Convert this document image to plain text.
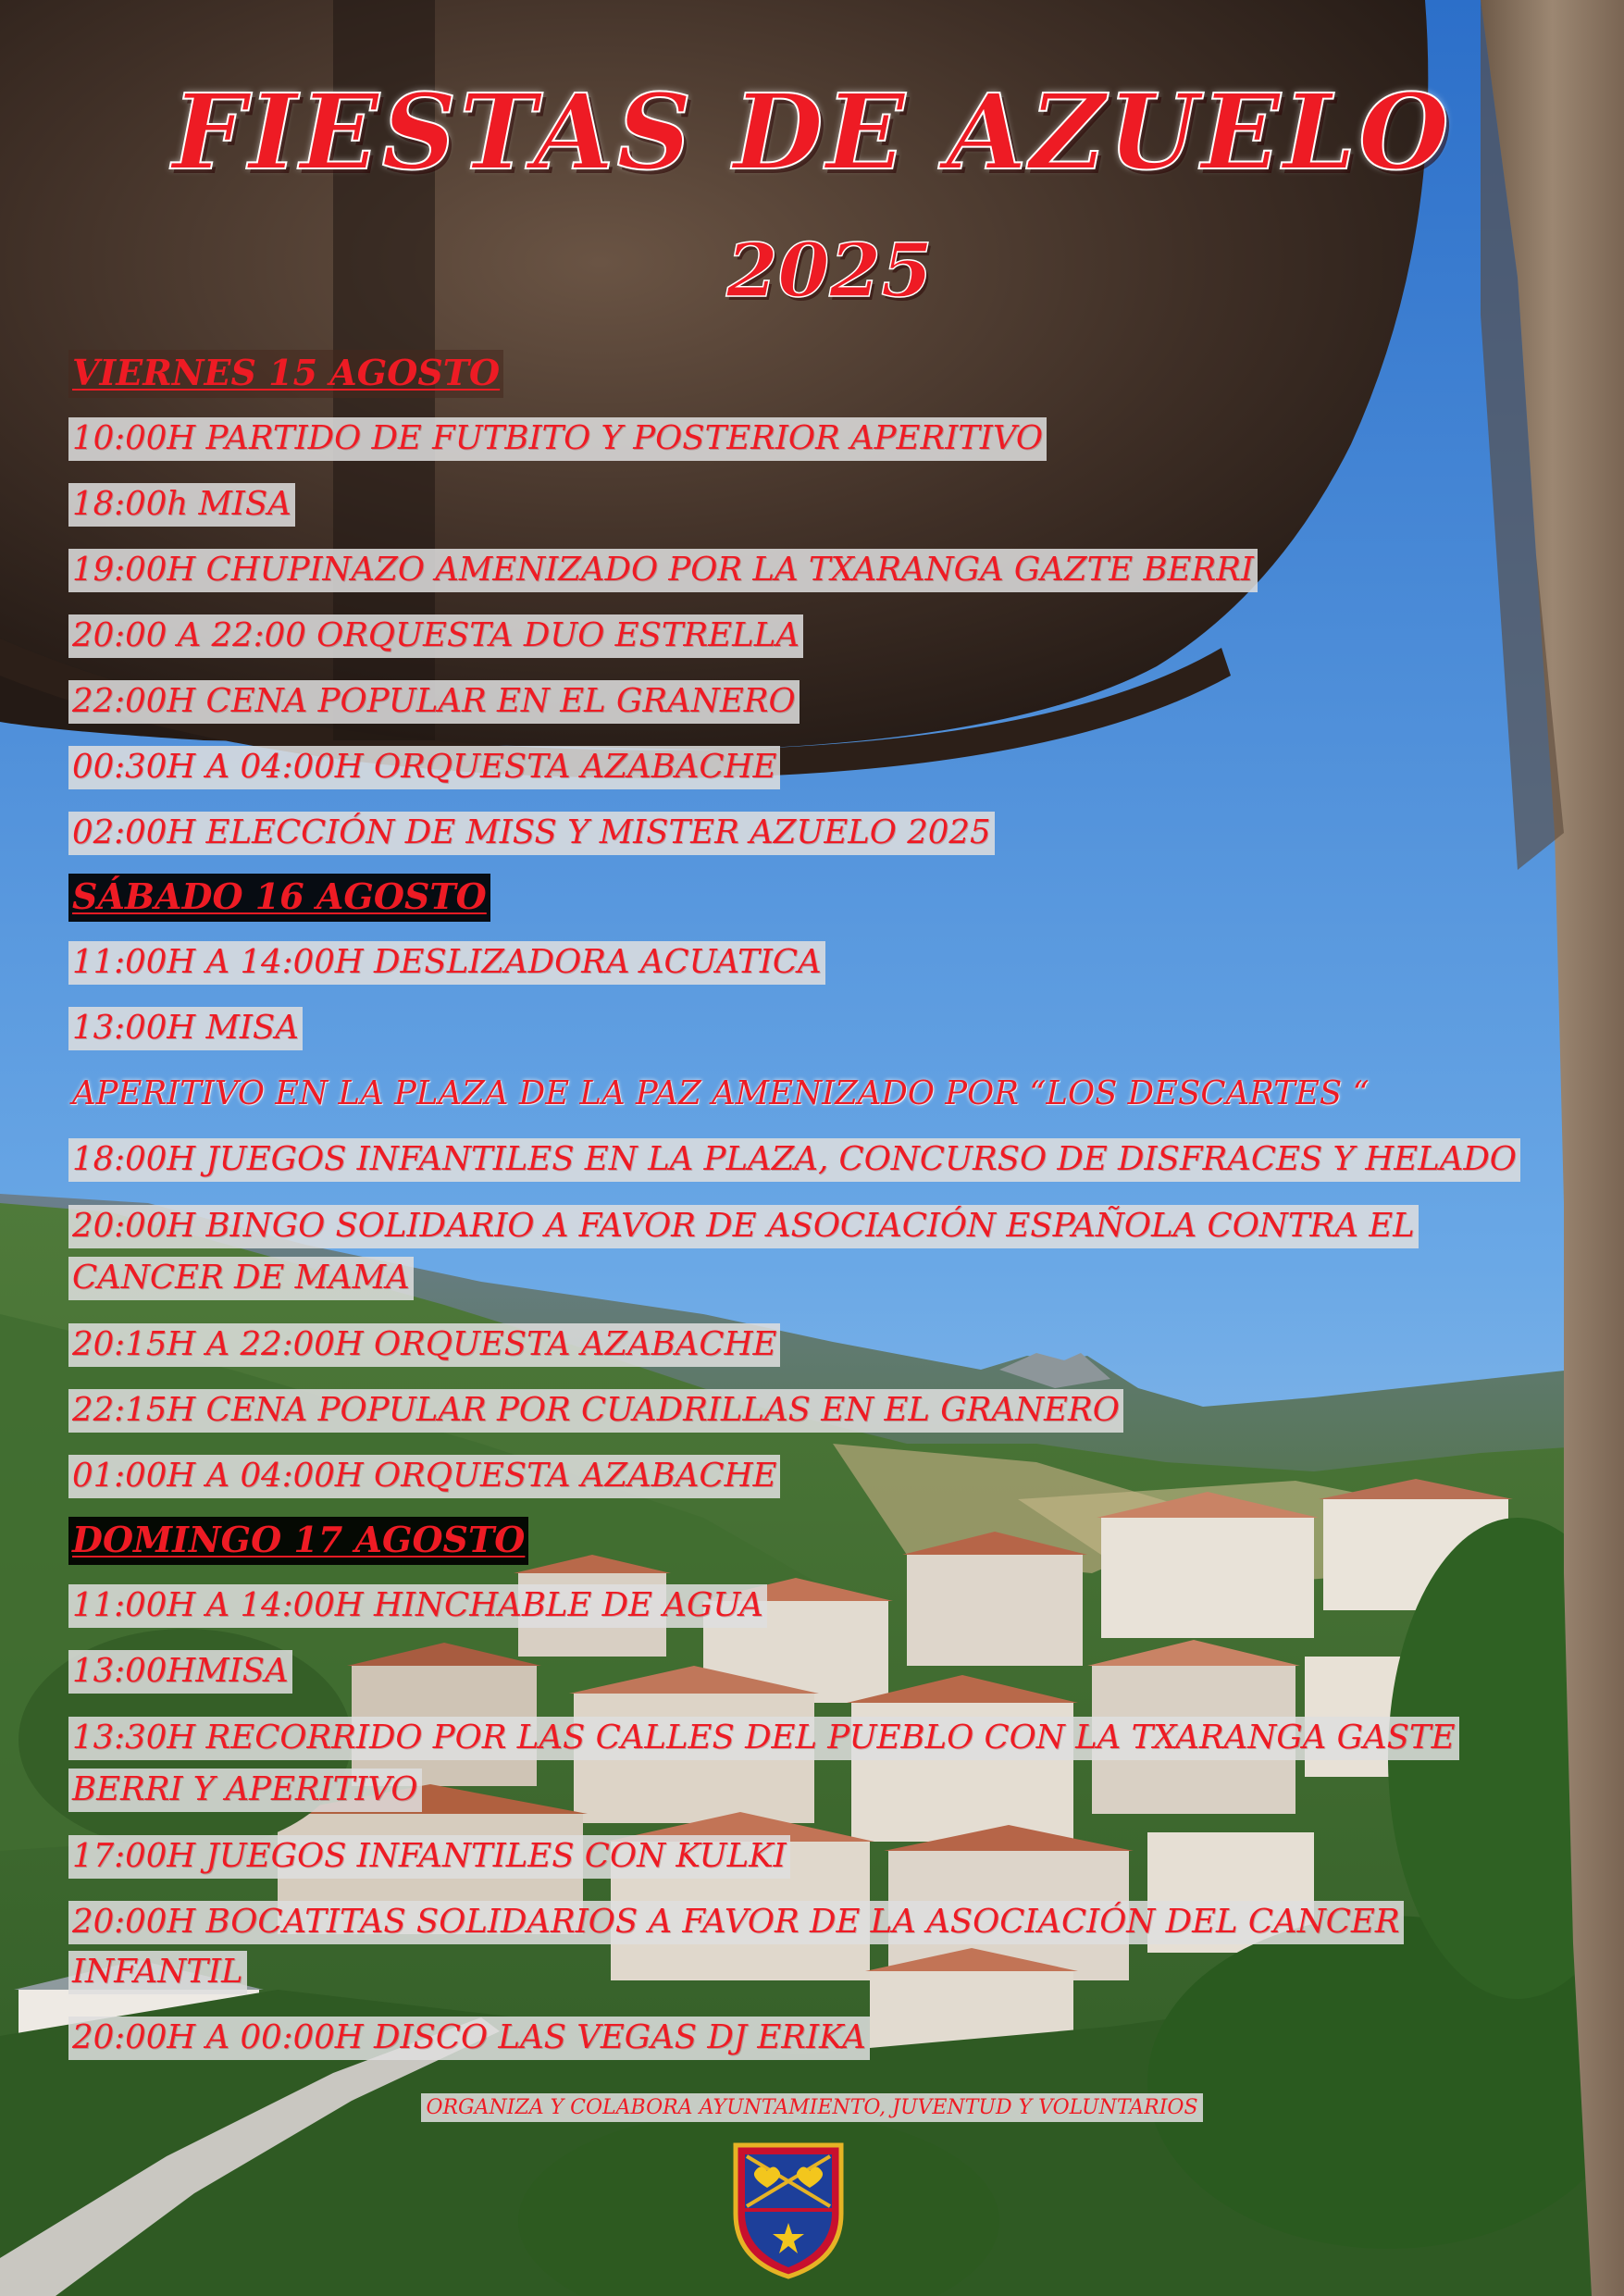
FIESTAS DE AZUELO
2025
VIERNES 15 AGOSTO
10:00H PARTIDO DE FUTBITO Y POSTERIOR APERITIVO
18:00h MISA
19:00H CHUPINAZO AMENIZADO POR LA TXARANGA GAZTE BERRI
20:00 A 22:00 ORQUESTA DUO ESTRELLA
22:00H CENA POPULAR EN EL GRANERO
00:30H A 04:00H ORQUESTA AZABACHE
02:00H ELECCIÓN DE MISS Y MISTER AZUELO 2025
SÁBADO 16 AGOSTO
11:00H A 14:00H DESLIZADORA ACUATICA
13:00H MISA
APERITIVO EN LA PLAZA DE LA PAZ AMENIZADO POR “LOS DESCARTES “
18:00H JUEGOS INFANTILES EN LA PLAZA, CONCURSO DE DISFRACES Y HELADO
20:00H BINGO SOLIDARIO A FAVOR DE ASOCIACIÓN ESPAÑOLA CONTRA EL CANCER DE MAMA
20:15H A 22:00H ORQUESTA AZABACHE
22:15H CENA POPULAR POR CUADRILLAS EN EL GRANERO
01:00H A 04:00H ORQUESTA AZABACHE
DOMINGO 17 AGOSTO
11:00H A 14:00H HINCHABLE DE AGUA
13:00HMISA
13:30H RECORRIDO POR LAS CALLES DEL PUEBLO CON LA TXARANGA GASTE BERRI Y APERITIVO
17:00H JUEGOS INFANTILES CON KULKI
20:00H BOCATITAS SOLIDARIOS A FAVOR DE LA ASOCIACIÓN DEL CANCER INFANTIL
20:00H A 00:00H DISCO LAS VEGAS DJ ERIKA
ORGANIZA Y COLABORA AYUNTAMIENTO, JUVENTUD Y VOLUNTARIOS
